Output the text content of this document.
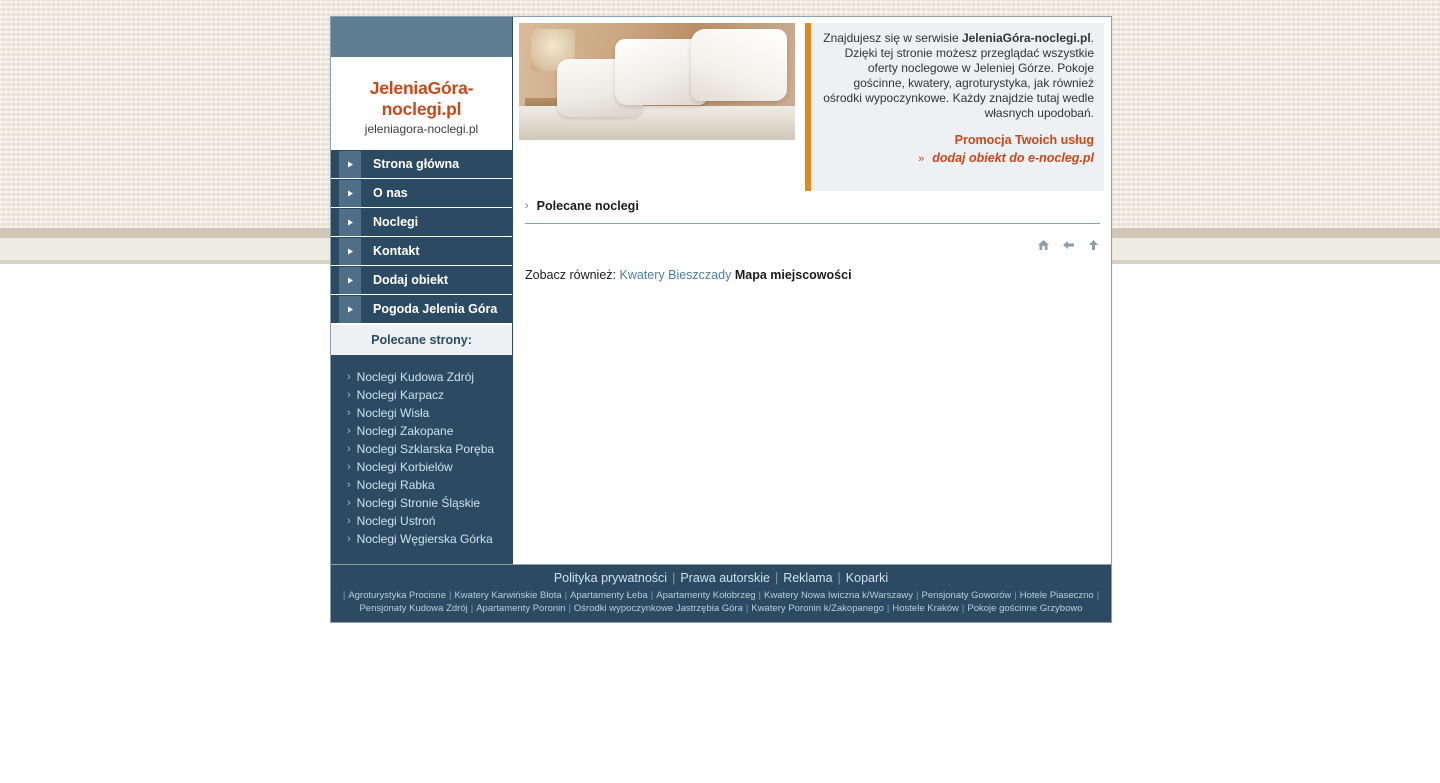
JeleniaGóra-noclegi.pl
jeleniagora-noclegi.pl
Strona główna
O nas
Noclegi
Kontakt
Dodaj obiekt
Pogoda Jelenia Góra
Polecane strony:
› Noclegi Kudowa Zdrój
› Noclegi Karpacz
› Noclegi Wisła
› Noclegi Zakopane
› Noclegi Szklarska Poręba
› Noclegi Korbielów
› Noclegi Rabka
› Noclegi Stronie Śląskie
› Noclegi Ustroń
› Noclegi Węgierska Górka
Znajdujesz się w serwisie JeleniaGóra-noclegi.pl. Dzięki tej stronie możesz przeglądać wszystkie oferty noclegowe w Jeleniej Górze. Pokoje gościnne, kwatery, agroturystyka, jak również ośrodki wypoczynkowe. Każdy znajdzie tutaj wedle własnych upodobań.
Promocja Twoich usług
» dodaj obiekt do e-nocleg.pl
› Polecane noclegi
Zobacz również: Kwatery Bieszczady Mapa miejscowości
Polityka prywatności | Prawa autorskie | Reklama | Koparki
| Agroturystyka Procisne | Kwatery Karwińskie Błota | Apartamenty Łeba | Apartamenty Kołobrzeg | Kwatery Nowa Iwiczna k/Warszawy | Pensjonaty Goworów | Hotele Piaseczno |
Pensjonaty Kudowa Zdrój | Apartamenty Poronin | Ośrodki wypoczynkowe Jastrzębia Góra | Kwatery Poronin k/Zakopanego | Hostele Kraków | Pokoje gościnne Grzybowo
